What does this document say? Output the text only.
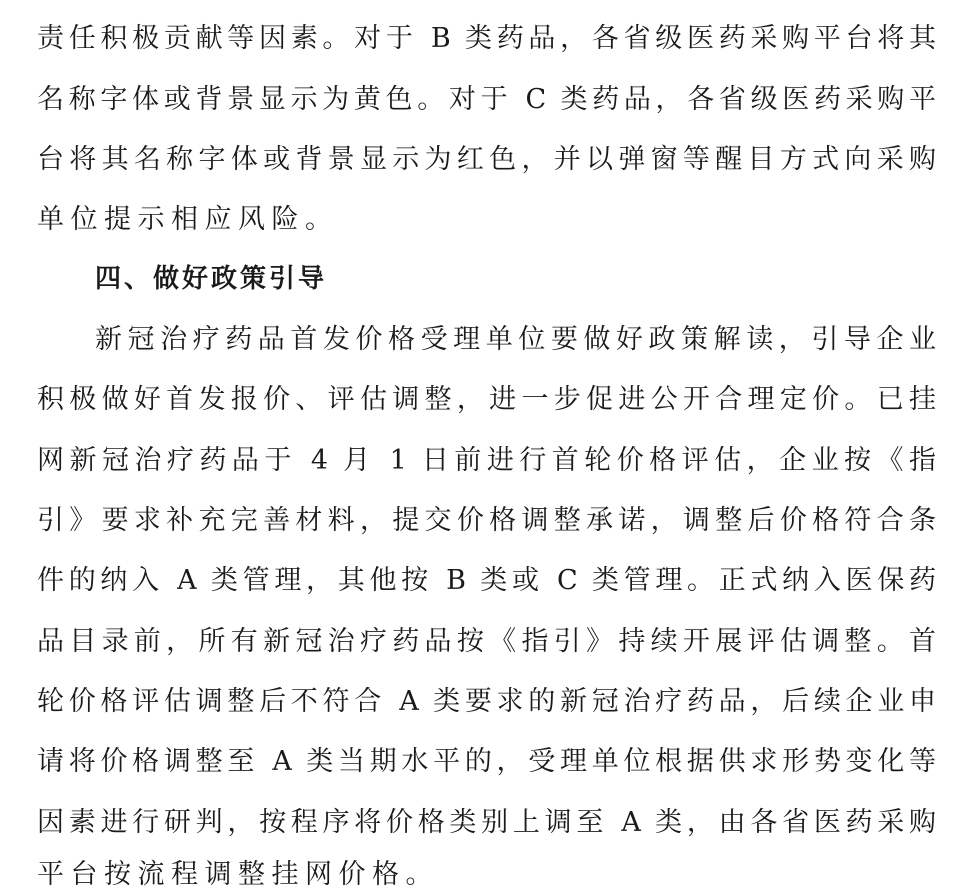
责任积极贡献等因素。对于 B 类药品，各省级医药采购平台将其
名称字体或背景显示为黄色。对于 C 类药品，各省级医药采购平
台将其名称字体或背景显示为红色，并以弹窗等醒目方式向采购
单位提示相应风险。
四、做好政策引导
新冠治疗药品首发价格受理单位要做好政策解读，引导企业
积极做好首发报价、评估调整，进一步促进公开合理定价。已挂
网新冠治疗药品于 4 月 1 日前进行首轮价格评估，企业按《指
引》要求补充完善材料，提交价格调整承诺，调整后价格符合条
件的纳入 A 类管理，其他按 B 类或 C 类管理。正式纳入医保药
品目录前，所有新冠治疗药品按《指引》持续开展评估调整。首
轮价格评估调整后不符合 A 类要求的新冠治疗药品，后续企业申
请将价格调整至 A 类当期水平的，受理单位根据供求形势变化等
因素进行研判，按程序将价格类别上调至 A 类，由各省医药采购
平台按流程调整挂网价格。
